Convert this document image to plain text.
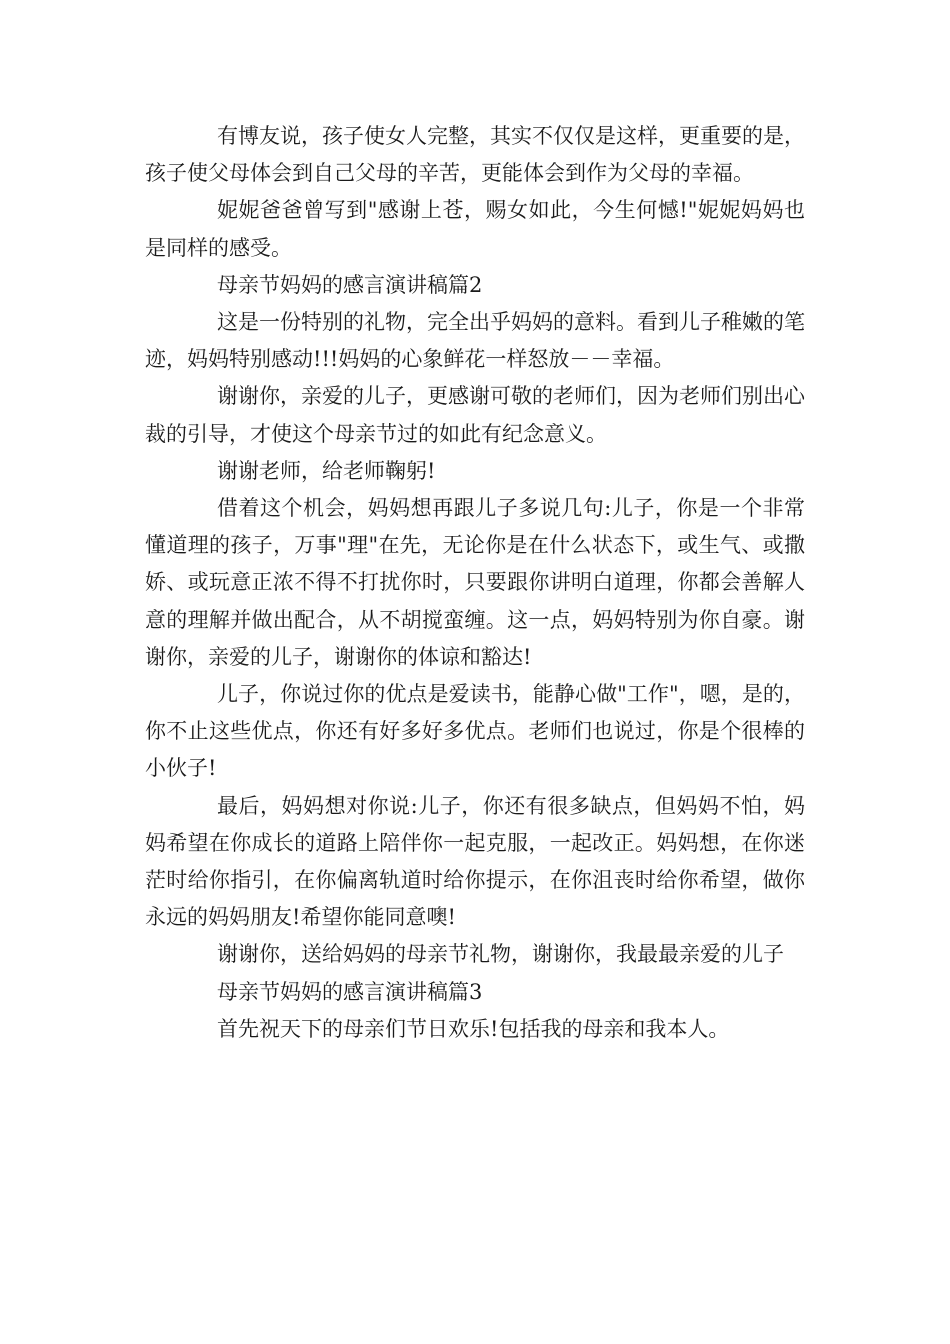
有博友说，孩子使女人完整，其实不仅仅是这样，更重要的是，孩子使父母体会到自己父母的辛苦，更能体会到作为父母的幸福。

妮妮爸爸曾写到"感谢上苍，赐女如此，今生何憾!"妮妮妈妈也是同样的感受。

母亲节妈妈的感言演讲稿篇2

这是一份特别的礼物，完全出乎妈妈的意料。看到儿子稚嫩的笔迹，妈妈特别感动!!!妈妈的心象鲜花一样怒放－－幸福。

谢谢你，亲爱的儿子，更感谢可敬的老师们，因为老师们别出心裁的引导，才使这个母亲节过的如此有纪念意义。

谢谢老师，给老师鞠躬!

借着这个机会，妈妈想再跟儿子多说几句:儿子，你是一个非常懂道理的孩子，万事"理"在先，无论你是在什么状态下，或生气、或撒娇、或玩意正浓不得不打扰你时，只要跟你讲明白道理，你都会善解人意的理解并做出配合，从不胡搅蛮缠。这一点，妈妈特别为你自豪。谢谢你，亲爱的儿子，谢谢你的体谅和豁达!

儿子，你说过你的优点是爱读书，能静心做"工作"，嗯，是的，你不止这些优点，你还有好多好多优点。老师们也说过，你是个很棒的小伙子!

最后，妈妈想对你说:儿子，你还有很多缺点，但妈妈不怕，妈妈希望在你成长的道路上陪伴你一起克服，一起改正。妈妈想，在你迷茫时给你指引，在你偏离轨道时给你提示，在你沮丧时给你希望，做你永远的妈妈朋友!希望你能同意噢!

谢谢你，送给妈妈的母亲节礼物，谢谢你，我最最亲爱的儿子

母亲节妈妈的感言演讲稿篇3

首先祝天下的母亲们节日欢乐!包括我的母亲和我本人。
